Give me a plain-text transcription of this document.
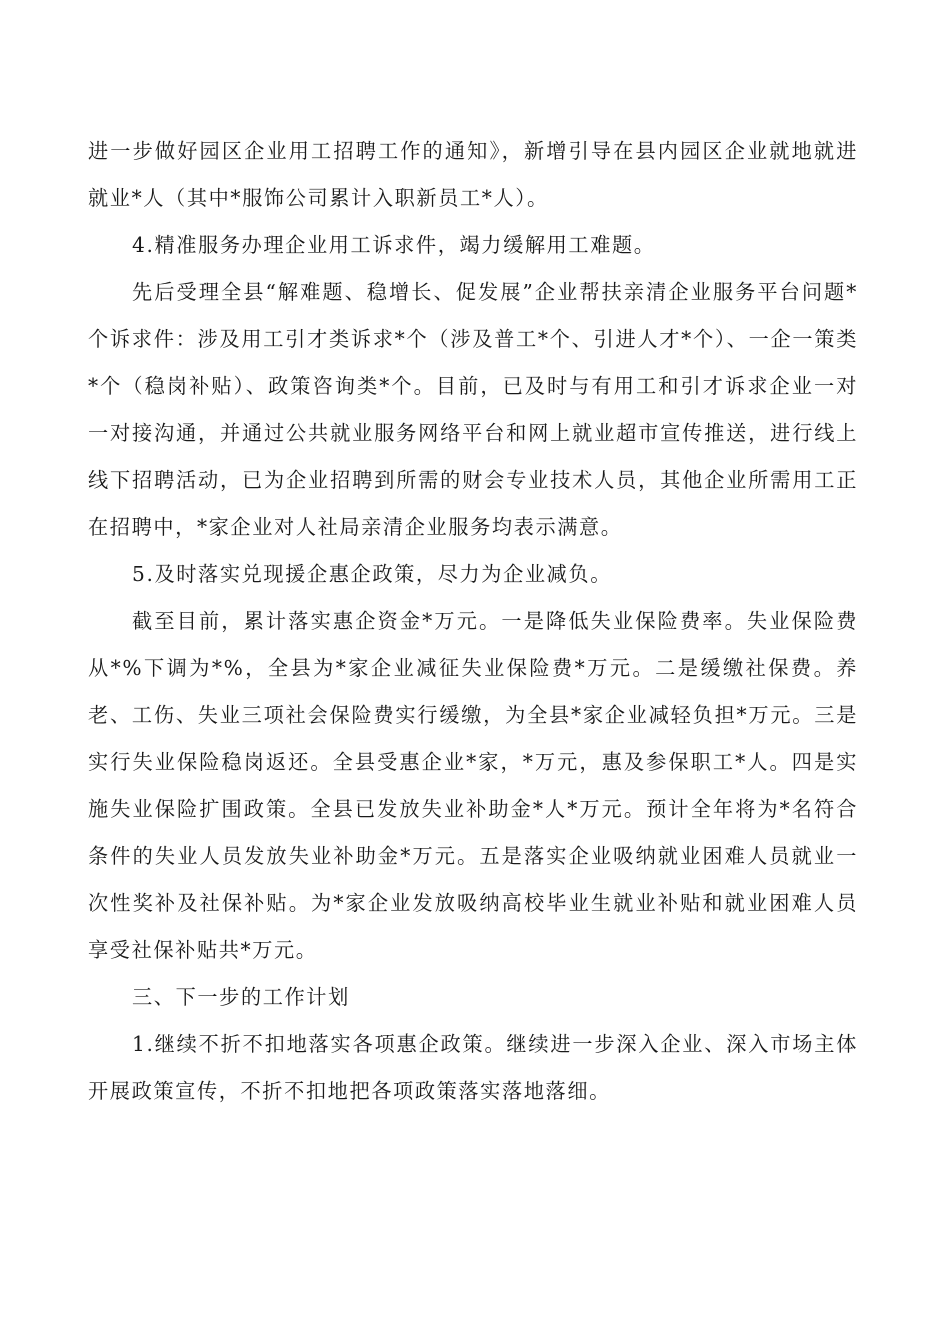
进一步做好园区企业用工招聘工作的通知》，新增引导在县内园区企业就地就进就业*人（其中*服饰公司累计入职新员工*人）。

4.精准服务办理企业用工诉求件，竭力缓解用工难题。

先后受理全县“解难题、稳增长、促发展”企业帮扶亲清企业服务平台问题*个诉求件：涉及用工引才类诉求*个（涉及普工*个、引进人才*个）、一企一策类*个（稳岗补贴）、政策咨询类*个。目前，已及时与有用工和引才诉求企业一对一对接沟通，并通过公共就业服务网络平台和网上就业超市宣传推送，进行线上线下招聘活动，已为企业招聘到所需的财会专业技术人员，其他企业所需用工正在招聘中，*家企业对人社局亲清企业服务均表示满意。

5.及时落实兑现援企惠企政策，尽力为企业减负。

截至目前，累计落实惠企资金*万元。一是降低失业保险费率。失业保险费从*%下调为*%，全县为*家企业减征失业保险费*万元。二是缓缴社保费。养老、工伤、失业三项社会保险费实行缓缴，为全县*家企业减轻负担*万元。三是实行失业保险稳岗返还。全县受惠企业*家，*万元，惠及参保职工*人。四是实施失业保险扩围政策。全县已发放失业补助金*人*万元。预计全年将为*名符合条件的失业人员发放失业补助金*万元。五是落实企业吸纳就业困难人员就业一次性奖补及社保补贴。为*家企业发放吸纳高校毕业生就业补贴和就业困难人员享受社保补贴共*万元。

三、下一步的工作计划

1.继续不折不扣地落实各项惠企政策。继续进一步深入企业、深入市场主体开展政策宣传，不折不扣地把各项政策落实落地落细。
